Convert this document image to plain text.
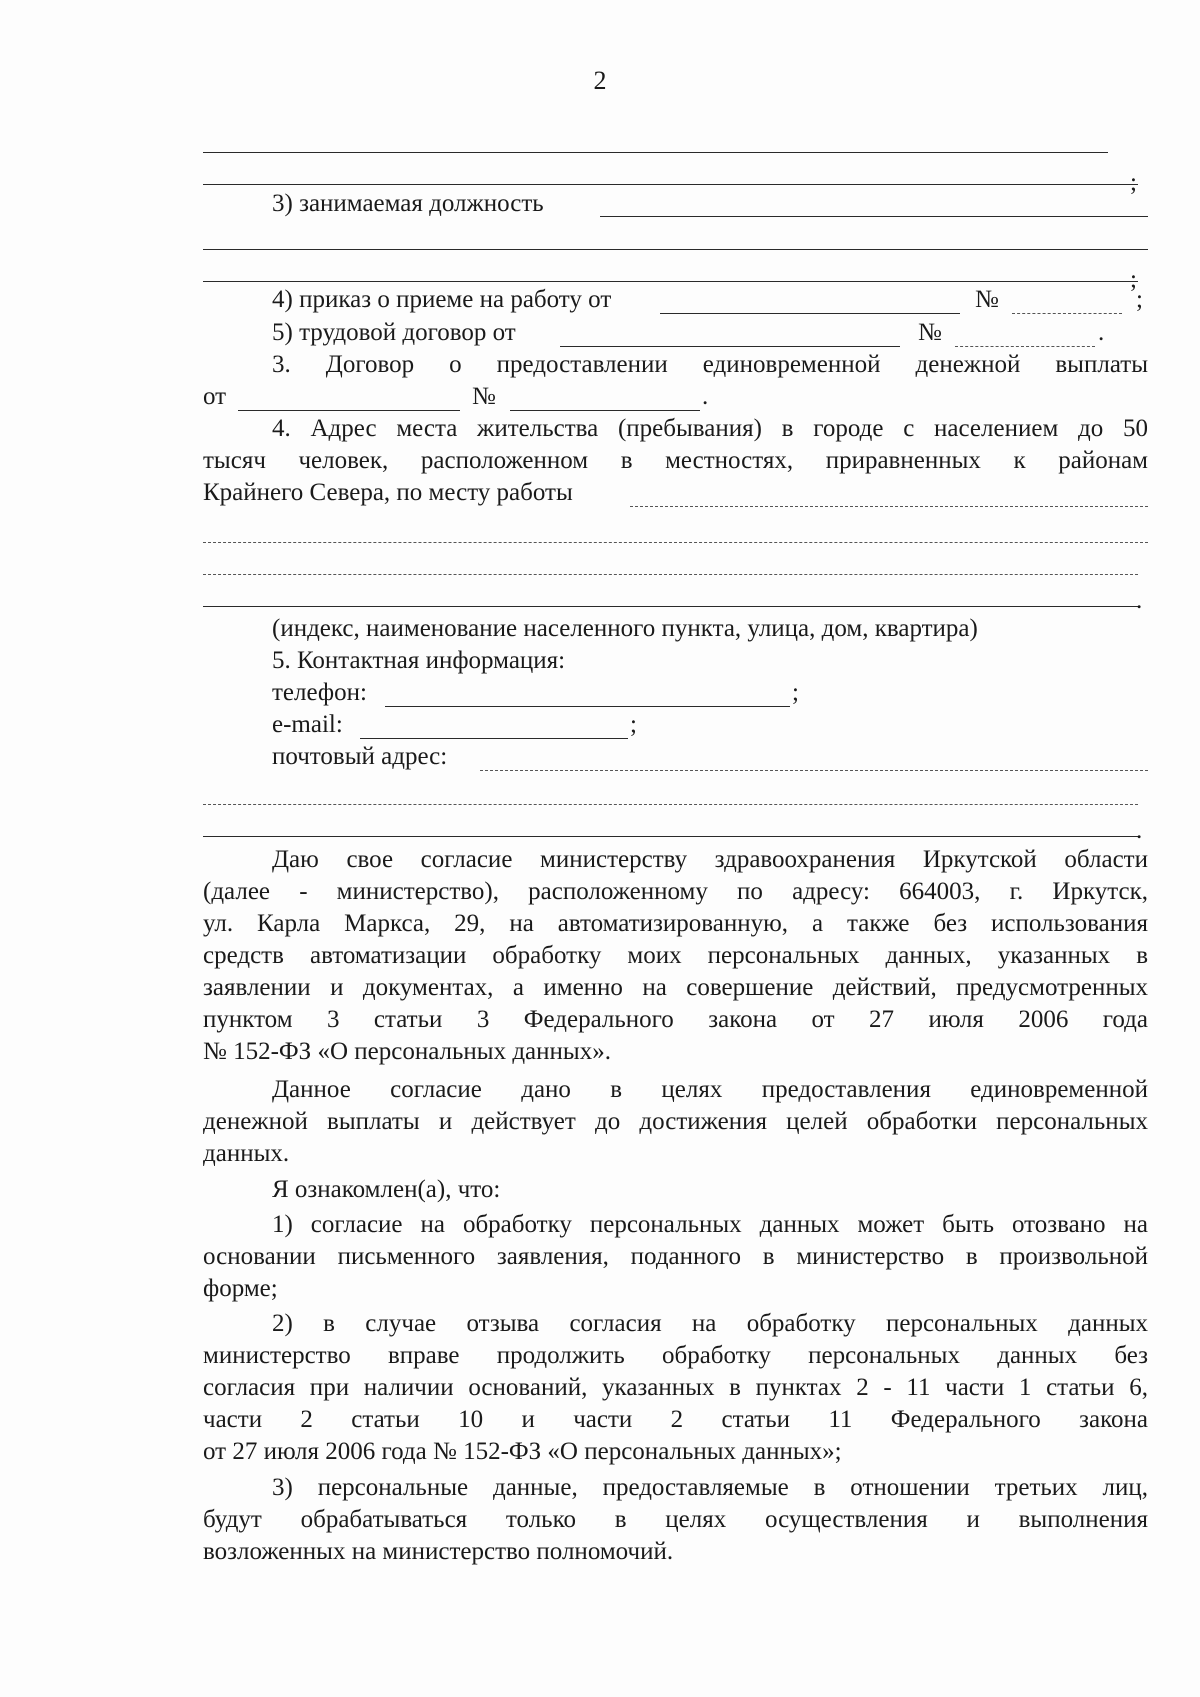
2
;
3) занимаемая должность
;
4) приказ о приеме на работу от	№	;
5) трудовой договор от	№	.
3. Договор о предоставлении единовременной денежной выплаты
от	№	.
4. Адрес места жительства (пребывания) в городе с населением до 50
тысяч человек, расположенном в местностях, приравненных к районам
Крайнего Севера, по месту работы
.
(индекс, наименование населенного пункта, улица, дом, квартира)
5. Контактная информация:
телефон:	;
e-mail:	;
почтовый адрес:
.
Даю свое согласие министерству здравоохранения Иркутской области
(далее - министерство), расположенному по адресу: 664003, г. Иркутск,
ул. Карла Маркса, 29, на автоматизированную, а также без использования
средств автоматизации обработку моих персональных данных, указанных в
заявлении и документах, а именно на совершение действий, предусмотренных
пунктом 3 статьи 3 Федерального закона от 27 июля 2006 года
№ 152-ФЗ «О персональных данных».
Данное согласие дано в целях предоставления единовременной
денежной выплаты и действует до достижения целей обработки персональных
данных.
Я ознакомлен(а), что:
1) согласие на обработку персональных данных может быть отозвано на
основании письменного заявления, поданного в министерство в произвольной
форме;
2) в случае отзыва согласия на обработку персональных данных
министерство вправе продолжить обработку персональных данных без
согласия при наличии оснований, указанных в пунктах 2 - 11 части 1 статьи 6,
части 2 статьи 10 и части 2 статьи 11 Федерального закона
от 27 июля 2006 года № 152-ФЗ «О персональных данных»;
3) персональные данные, предоставляемые в отношении третьих лиц,
будут обрабатываться только в целях осуществления и выполнения
возложенных на министерство полномочий.
